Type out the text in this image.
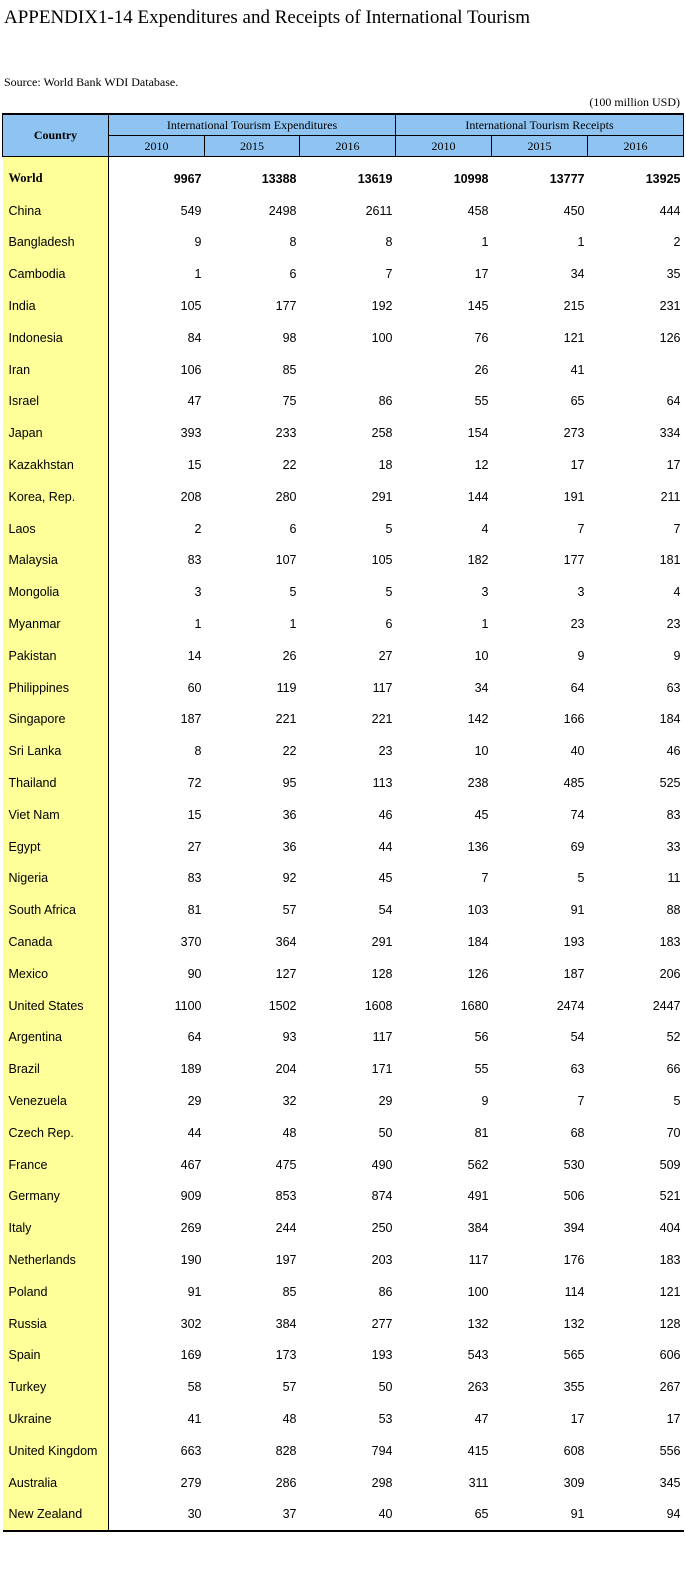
APPENDIX1-14 Expenditures and Receipts of International Tourism
Source: World Bank WDI Database.
(100 million USD)
Country	International Tourism Expenditures			International Tourism Receipts		
	2010	2015	2016	2010	2015	2016
World	9967	13388	13619	10998	13777	13925
China	549	2498	2611	458	450	444
Bangladesh	9	8	8	1	1	2
Cambodia	1	6	7	17	34	35
India	105	177	192	145	215	231
Indonesia	84	98	100	76	121	126
Iran	106	85		26	41	
Israel	47	75	86	55	65	64
Japan	393	233	258	154	273	334
Kazakhstan	15	22	18	12	17	17
Korea, Rep.	208	280	291	144	191	211
Laos	2	6	5	4	7	7
Malaysia	83	107	105	182	177	181
Mongolia	3	5	5	3	3	4
Myanmar	1	1	6	1	23	23
Pakistan	14	26	27	10	9	9
Philippines	60	119	117	34	64	63
Singapore	187	221	221	142	166	184
Sri Lanka	8	22	23	10	40	46
Thailand	72	95	113	238	485	525
Viet Nam	15	36	46	45	74	83
Egypt	27	36	44	136	69	33
Nigeria	83	92	45	7	5	11
South Africa	81	57	54	103	91	88
Canada	370	364	291	184	193	183
Mexico	90	127	128	126	187	206
United States	1100	1502	1608	1680	2474	2447
Argentina	64	93	117	56	54	52
Brazil	189	204	171	55	63	66
Venezuela	29	32	29	9	7	5
Czech Rep.	44	48	50	81	68	70
France	467	475	490	562	530	509
Germany	909	853	874	491	506	521
Italy	269	244	250	384	394	404
Netherlands	190	197	203	117	176	183
Poland	91	85	86	100	114	121
Russia	302	384	277	132	132	128
Spain	169	173	193	543	565	606
Turkey	58	57	50	263	355	267
Ukraine	41	48	53	47	17	17
United Kingdom	663	828	794	415	608	556
Australia	279	286	298	311	309	345
New Zealand	30	37	40	65	91	94
